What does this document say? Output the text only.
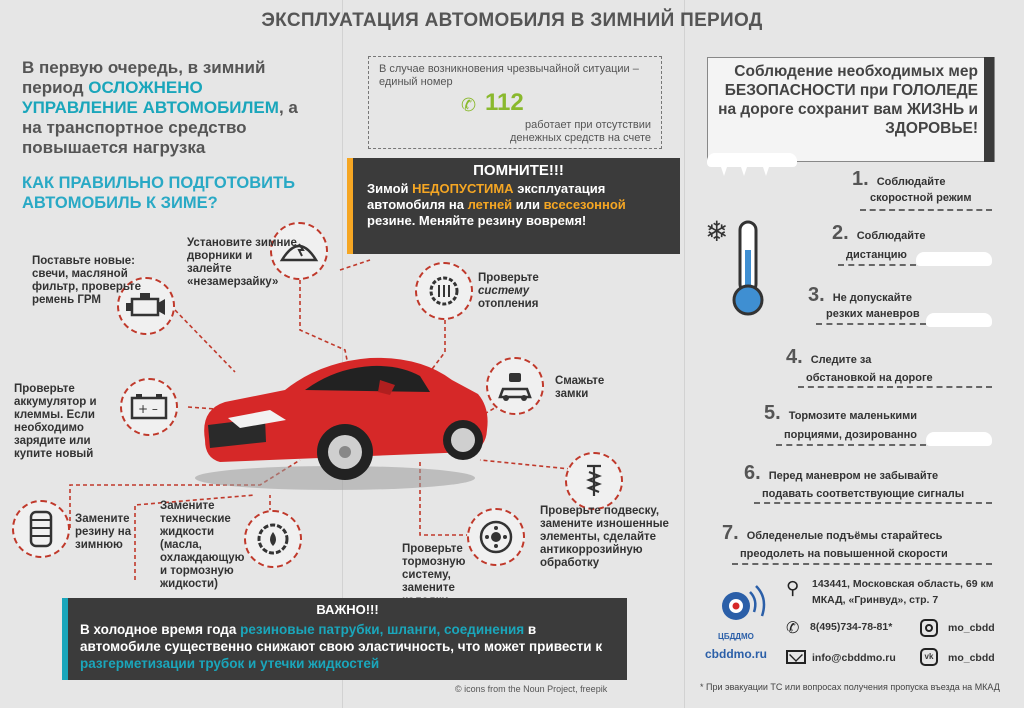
ЭКСПЛУАТАЦИЯ АВТОМОБИЛЯ В ЗИМНИЙ ПЕРИОД
В первую очередь, в зимний период ОСЛОЖНЕНО УПРАВЛЕНИЕ АВТОМОБИЛЕМ, а на транспортное средство повышается нагрузка
КАК ПРАВИЛЬНО ПОДГОТОВИТЬ АВТОМОБИЛЬ К ЗИМЕ?
В случае возникновения чрезвычайной ситуации – единый номер
✆ 112
работает при отсутствии денежных средств на счете
ПОМНИТЕ!!!

Зимой НЕДОПУСТИМА эксплуатация автомобиля на летней или всесезонной резине. Меняйте резину вовремя!

+ –
Поставьте новые: свечи, масляной фильтр, проверьте ремень ГРМ
Установите зимние дворники и залейте «незамерзайку»	Проверьте
систему
отопления
Смажьте замки
Проверьте аккумулятор и клеммы. Если необходимо зарядите или купите новый
Проверьте подвеску, замените изношенные элементы, сделайте антикоррозийную обработку
Замените резину на зимнюю
Замените технические жидкости (масла, охлаждающую и тормозную жидкости)
Проверьте тормозную систему, замените
ВАЖНО!!!

В холодное время года резиновые патрубки, шланги, соединения в автомобиле существенно снижают свою эластичность, что может привести к разгерметизации трубок и утечки жидкостей

© icons from the Noun Project, freepik
Соблюдение необходимых мер БЕЗОПАСНОСТИ при ГОЛОЛЕДЕ на дороге сохранит вам ЖИЗНЬ и ЗДОРОВЬЕ!
❄
1. Соблюдайте
скоростной режим
2. Соблюдайте
дистанцию
3. Не допускайте
резких маневров
4. Следите за
обстановкой на дороге
5. Тормозите маленькими
порциями, дозированно
6. Перед маневром не забывайте
подавать соответствующие сигналы
7. Обледенелые подъёмы старайтесь
преодолеть на повышенной скорости
ЦБДДМО
cbddmo.ru
⚲ 143441, Московская область, 69 км
МКАД, «Гринвуд», стр. 7
✆ 8(495)734-78-81*	mo_cbdd
info@cbddmo.ru	vk	mo_cbdd
* При эвакуации ТС или вопросах получения пропуска въезда на МКАД
